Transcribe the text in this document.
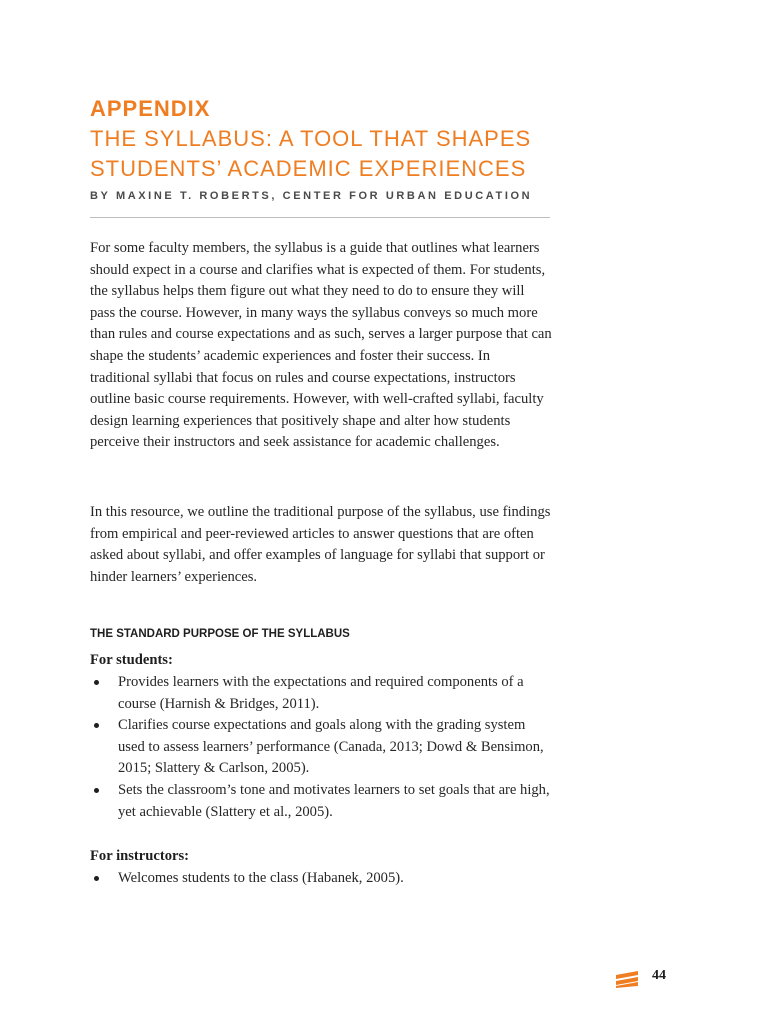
APPENDIX
THE SYLLABUS: A TOOL THAT SHAPES
STUDENTS’ ACADEMIC EXPERIENCES
BY MAXINE T. ROBERTS, CENTER FOR URBAN EDUCATION

For some faculty members, the syllabus is a guide that outlines what learners should expect in a course and clarifies what is expected of them. For students, the syllabus helps them figure out what they need to do to ensure they will pass the course. However, in many ways the syllabus conveys so much more than rules and course expectations and as such, serves a larger purpose that can shape the students’ academic experiences and foster their success. In traditional syllabi that focus on rules and course expectations, instructors outline basic course requirements. However, with well-crafted syllabi, faculty design learning experiences that positively shape and alter how students perceive their instructors and seek assistance for academic challenges.

In this resource, we outline the traditional purpose of the syllabus, use findings from empirical and peer-reviewed articles to answer questions that are often asked about syllabi, and offer examples of language for syllabi that support or hinder learners’ experiences.

THE STANDARD PURPOSE OF THE SYLLABUS
For students:
Provides learners with the expectations and required components of a course (Harnish & Bridges, 2011).
Clarifies course expectations and goals along with the grading system used to assess learners’ performance (Canada, 2013; Dowd & Bensimon, 2015; Slattery & Carlson, 2005).
Sets the classroom’s tone and motivates learners to set goals that are high, yet achievable (Slattery et al., 2005).
For instructors:
Welcomes students to the class (Habanek, 2005).
44
